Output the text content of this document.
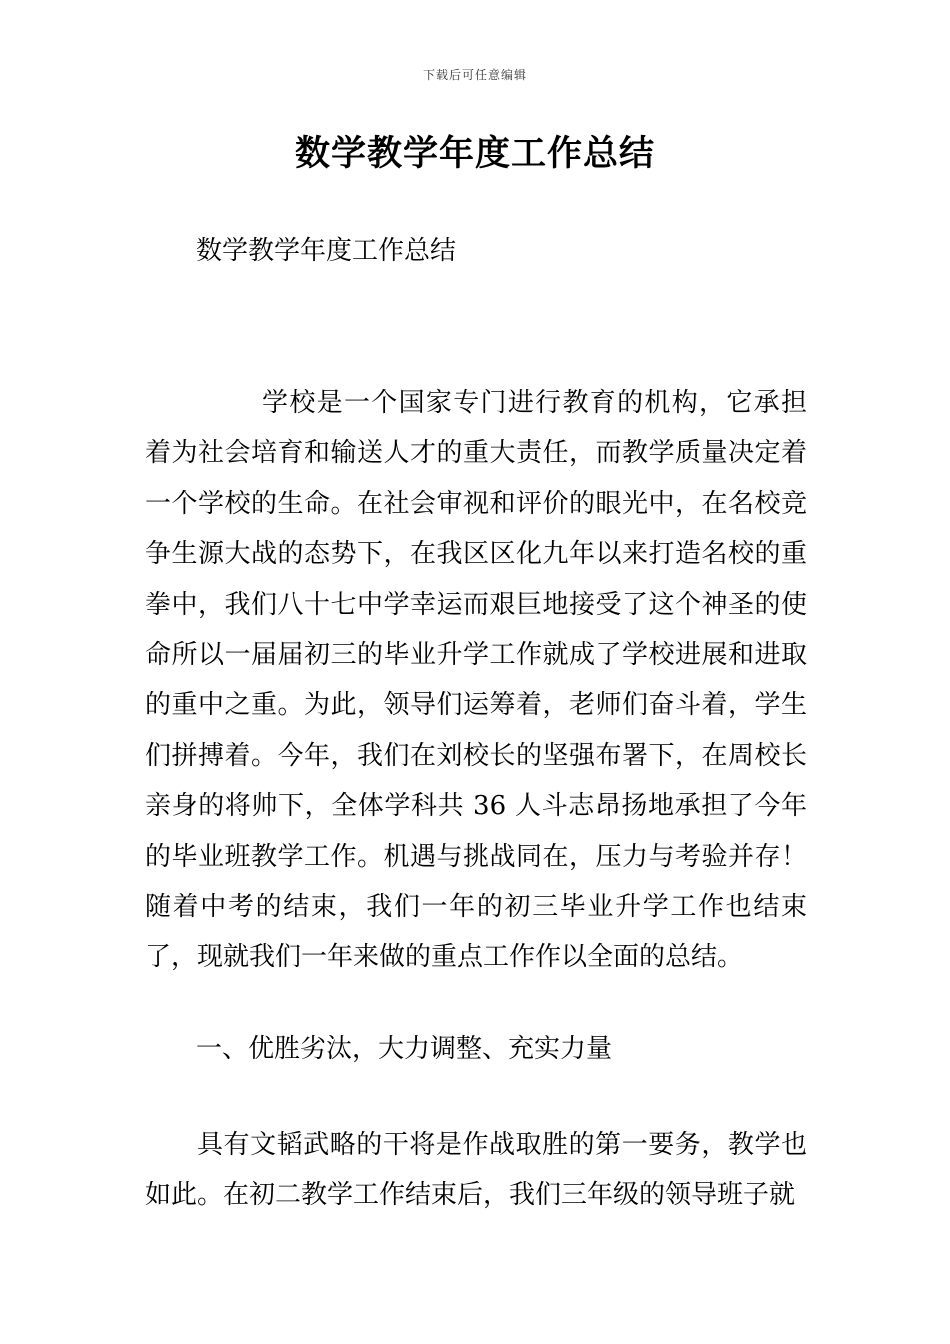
下载后可任意编辑
数学教学年度工作总结
数学教学年度工作总结

学校是一个国家专门进行教育的机构，它承担着为社会培育和输送人才的重大责任，而教学质量决定着一个学校的生命。在社会审视和评价的眼光中，在名校竞争生源大战的态势下，在我区区化九年以来打造名校的重拳中，我们八十七中学幸运而艰巨地接受了这个神圣的使命所以一届届初三的毕业升学工作就成了学校进展和进取的重中之重。为此，领导们运筹着，老师们奋斗着，学生们拼搏着。今年，我们在刘校长的坚强布署下，在周校长亲身的将帅下，全体学科共 36 人斗志昂扬地承担了今年的毕业班教学工作。机遇与挑战同在，压力与考验并存！随着中考的结束，我们一年的初三毕业升学工作也结束了，现就我们一年来做的重点工作作以全面的总结。

一、优胜劣汰，大力调整、充实力量

具有文韬武略的干将是作战取胜的第一要务，教学也如此。在初二教学工作结束后，我们三年级的领导班子就
